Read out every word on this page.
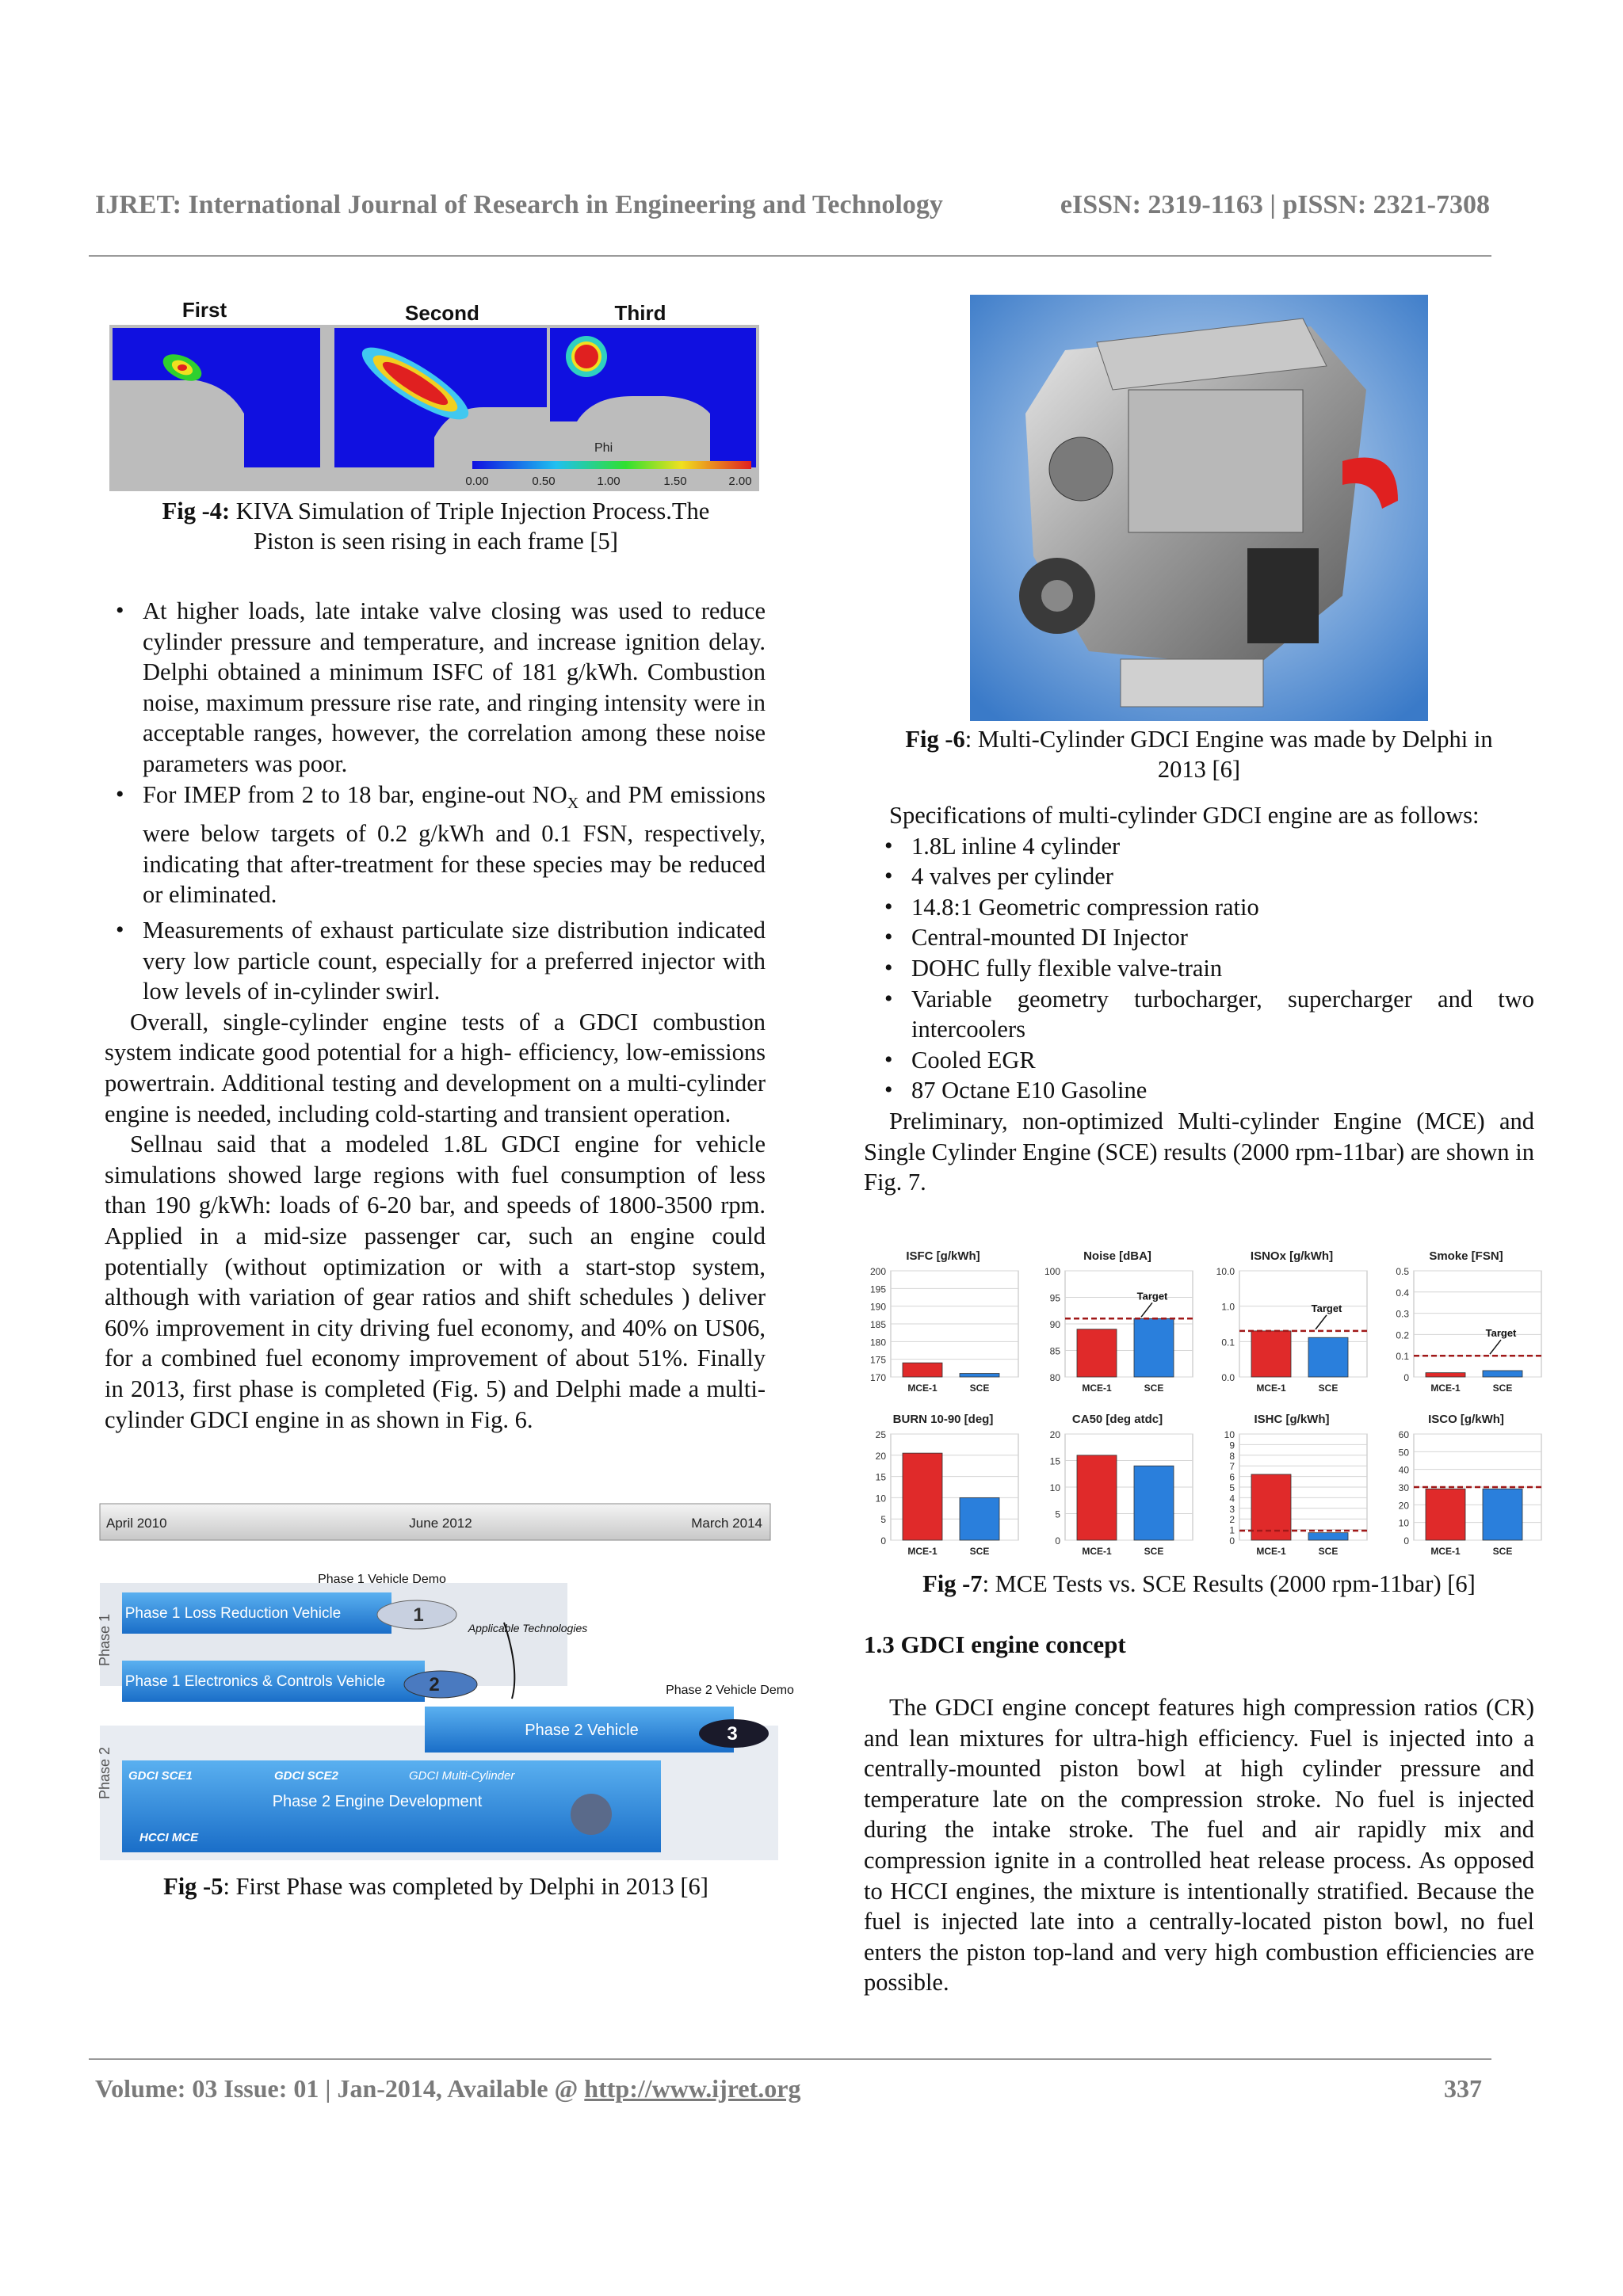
IJRET: International Journal of Research in Engineering and Technology	eISSN: 2319-1163 | pISSN: 2321-7308
First	Second	Third
Phi
0.00	0.50	1.00	1.50	2.00
Fig -4: KIVA Simulation of Triple Injection Process.The
Piston is seen rising in each frame [5]
• At higher loads, late intake valve closing was used to reduce cylinder pressure and temperature, and increase ignition delay. Delphi obtained a minimum ISFC of 181 g/kWh. Combustion noise, maximum pressure rise rate, and ringing intensity were in acceptable ranges, however, the correlation among these noise parameters was poor.
• For IMEP from 2 to 18 bar, engine-out $NO_X$ and PM emissions were below targets of 0.2 g/kWh and 0.1 FSN, respectively, indicating that after-treatment for these species may be reduced or eliminated.
• Measurements of exhaust particulate size distribution indicated very low particle count, especially for a preferred injector with low levels of in-cylinder swirl.

Overall, single-cylinder engine tests of a GDCI combustion system indicate good potential for a high- efficiency, low-emissions powertrain. Additional testing and development on a multi-cylinder engine is needed, including cold-starting and transient operation.

Sellnau said that a modeled 1.8L GDCI engine for vehicle simulations showed large regions with fuel consumption of less than 190 g/kWh: loads of 6-20 bar, and speeds of 1800-3500 rpm. Applied in a mid-size passenger car, such an engine could potentially (without optimization or with a start-stop system, although with variation of gear ratios and shift schedules ) deliver 60% improvement in city driving fuel economy, and 40% on US06, for a combined fuel economy improvement of about 51%. Finally in 2013, first phase is completed (Fig. 5) and Delphi made a multi-cylinder GDCI engine in as shown in Fig. 6.

April 2010	June 2012	March 2014
Phase 1 Vehicle Demo
Phase 2 Vehicle Demo
Phase 1
Phase 2
Phase 1 Loss Reduction Vehicle	1
Applicable Technologies
Phase 1 Electronics & Controls Vehicle 2
Phase 2 Vehicle	3
GDCI SCE1	GDCI SCE2	GDCI Multi-Cylinder
Phase 2 Engine Development
HCCI MCE
Fig -5: First Phase was completed by Delphi in 2013 [6]
Fig -6: Multi-Cylinder GDCI Engine was made by Delphi in
2013 [6]

Specifications of multi-cylinder GDCI engine are as follows:

• 1.8L inline 4 cylinder
• 4 valves per cylinder
• 14.8:1 Geometric compression ratio
• Central-mounted DI Injector
• DOHC fully flexible valve-train
• Variable geometry turbocharger, supercharger and two intercoolers
• Cooled EGR
• 87 Octane E10 Gasoline

Preliminary, non-optimized Multi-cylinder Engine (MCE) and Single Cylinder Engine (SCE) results (2000 rpm-11bar) are shown in Fig. 7.

ISFC [g/kWh]
200
195
190
185
180
175
170
MCE-1	SCE
Noise [dBA]
100
95
90
85
80
MCE-1	SCE
Target
ISNOx [g/kWh]
10.0
1.0
0.1
0.0
MCE-1	SCE
Target
Smoke [FSN]
0.5
0.4
0.3
0.2
0.1
0
MCE-1	SCE
Target
BURN 10-90 [deg]
25
20
15
10
5
0
MCE-1	SCE
CA50 [deg atdc]
20
15
10
5
0
MCE-1	SCE
ISHC [g/kWh]
10
9
8
7
6
5
4
3
2
1
0
MCE-1	SCE
ISCO [g/kWh]
60
50
40
30
20
10
0
MCE-1	SCE
Fig -7: MCE Tests vs. SCE Results (2000 rpm-11bar) [6]
1.3 GDCI engine concept

The GDCI engine concept features high compression ratios (CR) and lean mixtures for ultra-high efficiency. Fuel is injected into a centrally-mounted piston bowl at high cylinder pressure and temperature late on the compression stroke. No fuel is injected during the intake stroke. The fuel and air rapidly mix and compression ignite in a controlled heat release process. As opposed to HCCI engines, the mixture is intentionally stratified. Because the fuel is injected late into a centrally-located piston bowl, no fuel enters the piston top-land and very high combustion efficiencies are possible.

Volume: 03 Issue: 01 | Jan-2014, Available @ http://www.ijret.org	337
